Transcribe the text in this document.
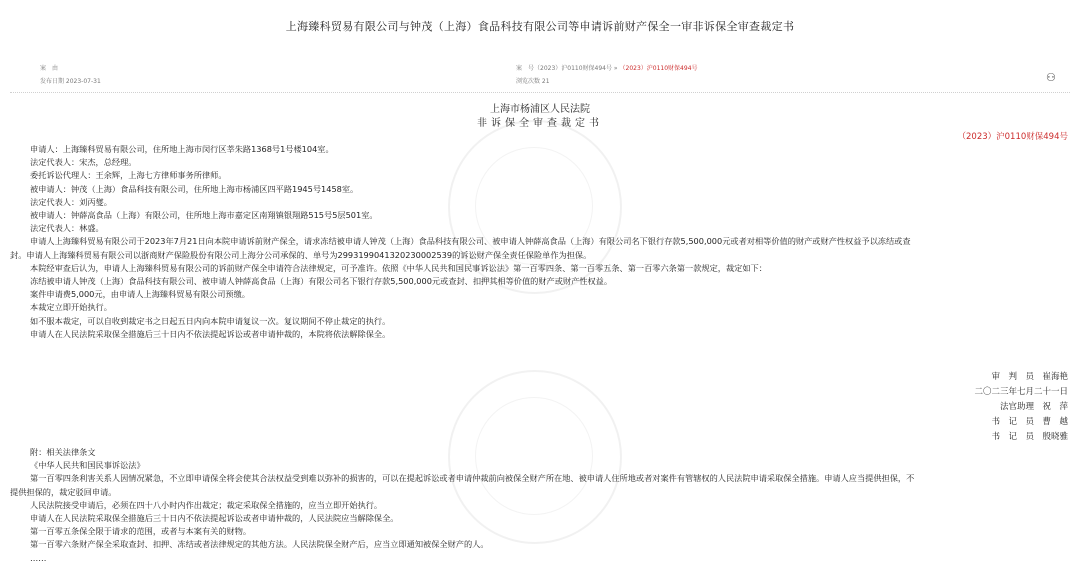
上海臻科贸易有限公司与钟茂（上海）食品科技有限公司等申请诉前财产保全一审非诉保全审查裁定书
案　由
发布日期 2023-07-31
案　号（2023）沪0110财保494号 » （2023）沪0110财保494号
浏览次数 21	⚇
上海市杨浦区人民法院
非诉保全审查裁定书
（2023）沪0110财保494号
申请人：上海臻科贸易有限公司，住所地上海市闵行区莘朱路1368号1号楼104室。
法定代表人：宋杰，总经理。
委托诉讼代理人：王余辉，上海七方律师事务所律师。
被申请人：钟茂（上海）食品科技有限公司，住所地上海市杨浦区四平路1945号1458室。
法定代表人：刘丙燮。
被申请人：钟薛高食品（上海）有限公司，住所地上海市嘉定区南翔镇银翔路515号5层501室。
法定代表人：林盛。
申请人上海臻科贸易有限公司于2023年7月21日向本院申请诉前财产保全，请求冻结被申请人钟茂（上海）食品科技有限公司、被申请人钟薛高食品（上海）有限公司名下银行存款5,500,000元或者对相等价值的财产或财产性权益予以冻结或查
封。申请人上海臻科贸易有限公司以浙商财产保险股份有限公司上海分公司承保的、单号为2993199041320230002539的诉讼财产保全责任保险单作为担保。
本院经审查后认为，申请人上海臻科贸易有限公司的诉前财产保全申请符合法律规定，可予准许。依照《中华人民共和国民事诉讼法》第一百零四条、第一百零五条、第一百零六条第一款规定，裁定如下：
冻结被申请人钟茂（上海）食品科技有限公司、被申请人钟薛高食品（上海）有限公司名下银行存款5,500,000元或查封、扣押其相等价值的财产或财产性权益。
案件申请费5,000元，由申请人上海臻科贸易有限公司预缴。
本裁定立即开始执行。
如不服本裁定，可以自收到裁定书之日起五日内向本院申请复议一次。复议期间不停止裁定的执行。
申请人在人民法院采取保全措施后三十日内不依法提起诉讼或者申请仲裁的，本院将依法解除保全。
审　判　员　崔海艳
二〇二三年七月二十一日
法官助理　祝　萍
书　记　员　曹　越
书　记　员　殷晓雅
附：相关法律条文
《中华人民共和国民事诉讼法》
第一百零四条利害关系人因情况紧急，不立即申请保全将会使其合法权益受到难以弥补的损害的，可以在提起诉讼或者申请仲裁前向被保全财产所在地、被申请人住所地或者对案件有管辖权的人民法院申请采取保全措施。申请人应当提供担保，不
提供担保的，裁定驳回申请。
人民法院接受申请后，必须在四十八小时内作出裁定；裁定采取保全措施的，应当立即开始执行。
申请人在人民法院采取保全措施后三十日内不依法提起诉讼或者申请仲裁的，人民法院应当解除保全。
第一百零五条保全限于请求的范围，或者与本案有关的财物。
第一百零六条财产保全采取查封、扣押、冻结或者法律规定的其他方法。人民法院保全财产后，应当立即通知被保全财产的人。
……
